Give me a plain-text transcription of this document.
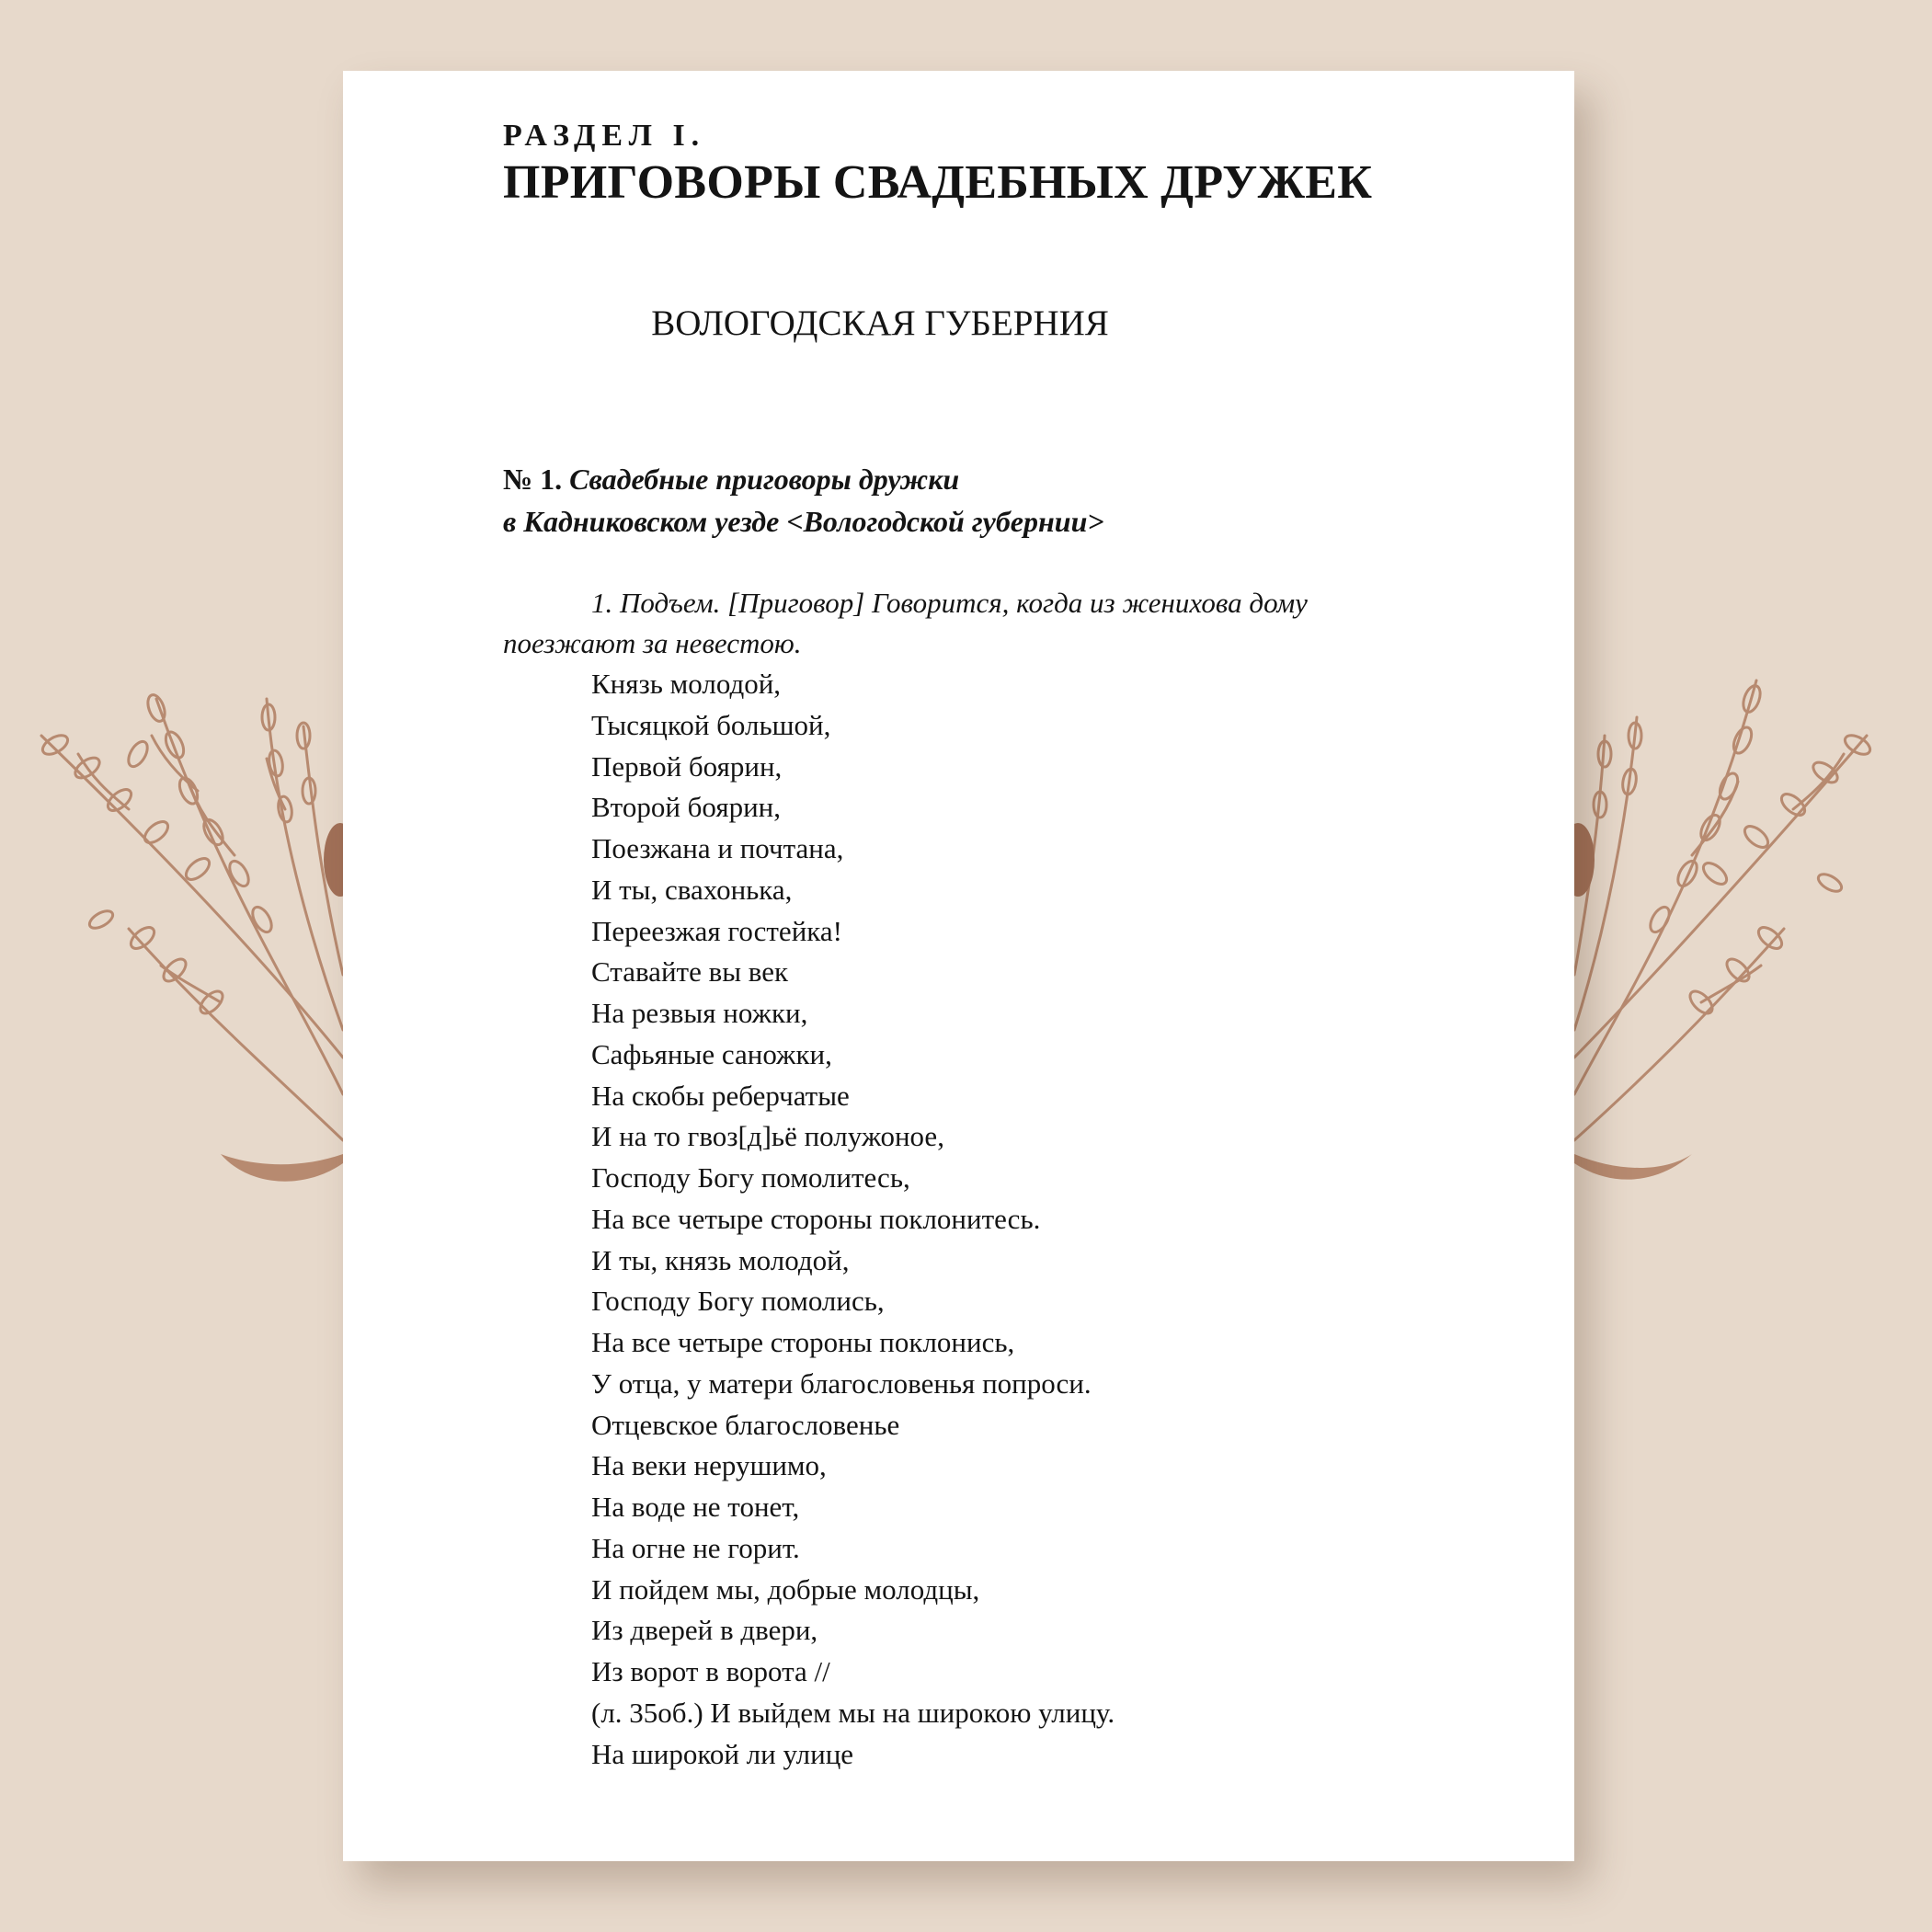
РАЗДЕЛ I.
ПРИГОВОРЫ СВАДЕБНЫХ ДРУЖЕК
ВОЛОГОДСКАЯ ГУБЕРНИЯ
№ 1. Свадебные приговоры дружки
в Кадниковском уезде <Вологодской губернии>
1. Подъем. [Приговор] Говорится, когда из женихова дому
поезжают за невестою.
Князь молодой,
Тысяцкой большой,
Первой боярин,
Второй боярин,
Поезжана и почтана,
И ты, свахонька,
Переезжая гостейка!
Ставайте вы век
На резвыя ножки,
Сафьяные саножки,
На скобы реберчатые
И на то гвоз[д]ьё полужоное,
Господу Богу помолитесь,
На все четыре стороны поклонитесь.
И ты, князь молодой,
Господу Богу помолись,
На все четыре стороны поклонись,
У отца, у матери благословенья попроси.
Отцевское благословенье
На веки нерушимо,
На воде не тонет,
На огне не горит.
И пойдем мы, добрые молодцы,
Из дверей в двери,
Из ворот в ворота //
(л. 35об.) И выйдем мы на широкою улицу.
На широкой ли улице
